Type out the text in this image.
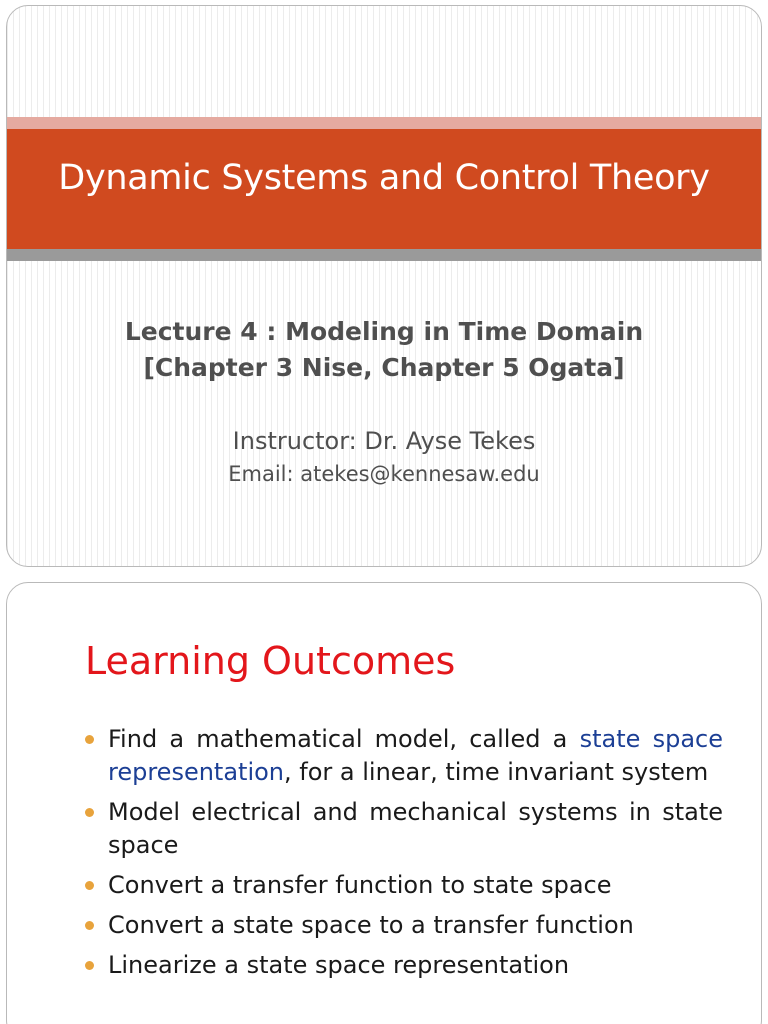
Dynamic Systems and Control Theory
Lecture 4 : Modeling in Time Domain
[Chapter 3 Nise, Chapter 5 Ogata]
Instructor: Dr. Ayse Tekes
Email: atekes@kennesaw.edu
Learning Outcomes
Find a mathematical model, called a state space representation, for a linear, time invariant system
Model electrical and mechanical systems in state space
Convert a transfer function to state space
Convert a state space to a transfer function
Linearize a state space representation
